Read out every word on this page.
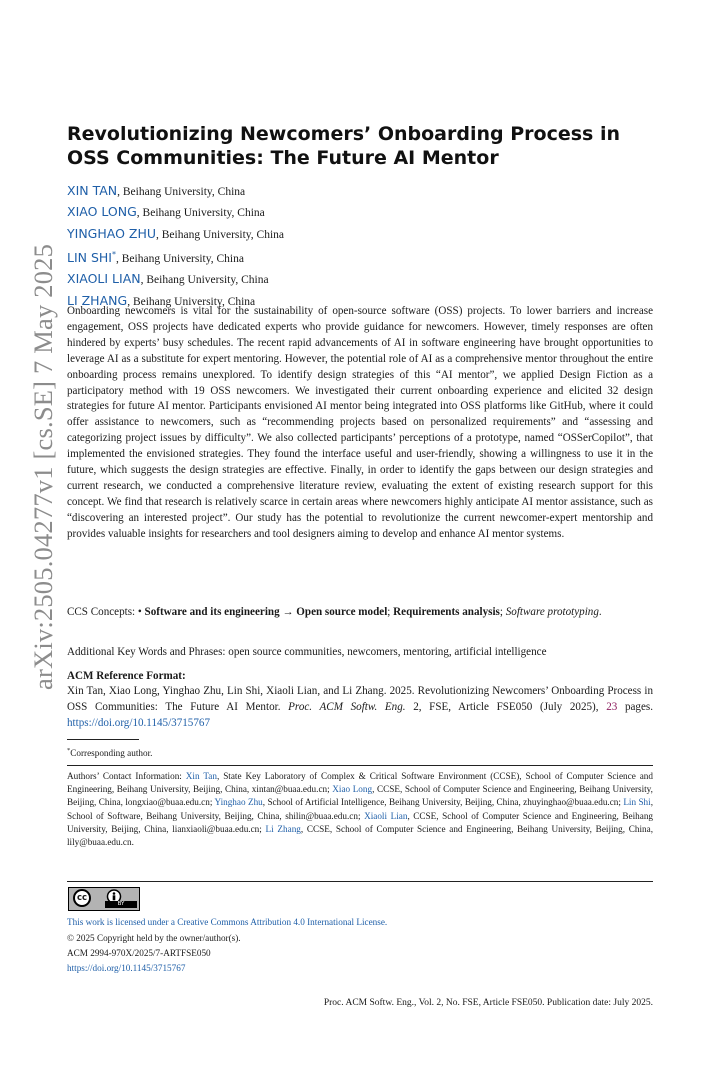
arXiv:2505.04277v1 [cs.SE] 7 May 2025
Revolutionizing Newcomers’ Onboarding Process in OSS Communities: The Future AI Mentor
XIN TAN, Beihang University, China
XIAO LONG, Beihang University, China
YINGHAO ZHU, Beihang University, China
LIN SHI*, Beihang University, China
XIAOLI LIAN, Beihang University, China
LI ZHANG, Beihang University, China
Onboarding newcomers is vital for the sustainability of open-source software (OSS) projects. To lower barriers and increase engagement, OSS projects have dedicated experts who provide guidance for newcomers. However, timely responses are often hindered by experts’ busy schedules. The recent rapid advancements of AI in software engineering have brought opportunities to leverage AI as a substitute for expert mentoring. However, the potential role of AI as a comprehensive mentor throughout the entire onboarding process remains unexplored. To identify design strategies of this “AI mentor”, we applied Design Fiction as a participatory method with 19 OSS newcomers. We investigated their current onboarding experience and elicited 32 design strategies for future AI mentor. Participants envisioned AI mentor being integrated into OSS platforms like GitHub, where it could offer assistance to newcomers, such as “recommending projects based on personalized requirements” and “assessing and categorizing project issues by difficulty”. We also collected participants’ perceptions of a prototype, named “OSSerCopilot”, that implemented the envisioned strategies. They found the interface useful and user-friendly, showing a willingness to use it in the future, which suggests the design strategies are effective. Finally, in order to identify the gaps between our design strategies and current research, we conducted a comprehensive literature review, evaluating the extent of existing research support for this concept. We find that research is relatively scarce in certain areas where newcomers highly anticipate AI mentor assistance, such as “discovering an interested project”. Our study has the potential to revolutionize the current newcomer-expert mentorship and provides valuable insights for researchers and tool designers aiming to develop and enhance AI mentor systems.
CCS Concepts: • Software and its engineering → Open source model; Requirements analysis; Software prototyping.
Additional Key Words and Phrases: open source communities, newcomers, mentoring, artificial intelligence
ACM Reference Format:
Xin Tan, Xiao Long, Yinghao Zhu, Lin Shi, Xiaoli Lian, and Li Zhang. 2025. Revolutionizing Newcomers’ Onboarding Process in OSS Communities: The Future AI Mentor. Proc. ACM Softw. Eng. 2, FSE, Article FSE050 (July 2025), 23 pages. https://doi.org/10.1145/3715767
*Corresponding author.
Authors’ Contact Information: Xin Tan, State Key Laboratory of Complex & Critical Software Environment (CCSE), School of Computer Science and Engineering, Beihang University, Beijing, China, xintan@buaa.edu.cn; Xiao Long, CCSE, School of Computer Science and Engineering, Beihang University, Beijing, China, longxiao@buaa.edu.cn; Yinghao Zhu, School of Artificial Intelligence, Beihang University, Beijing, China, zhuyinghao@buaa.edu.cn; Lin Shi, School of Software, Beihang University, Beijing, China, shilin@buaa.edu.cn; Xiaoli Lian, CCSE, School of Computer Science and Engineering, Beihang University, Beijing, China, lianxiaoli@buaa.edu.cn; Li Zhang, CCSE, School of Computer Science and Engineering, Beihang University, Beijing, China, lily@buaa.edu.cn.
cc
BY
This work is licensed under a Creative Commons Attribution 4.0 International License.
© 2025 Copyright held by the owner/author(s).
ACM 2994-970X/2025/7-ARTFSE050
https://doi.org/10.1145/3715767
Proc. ACM Softw. Eng., Vol. 2, No. FSE, Article FSE050. Publication date: July 2025.
